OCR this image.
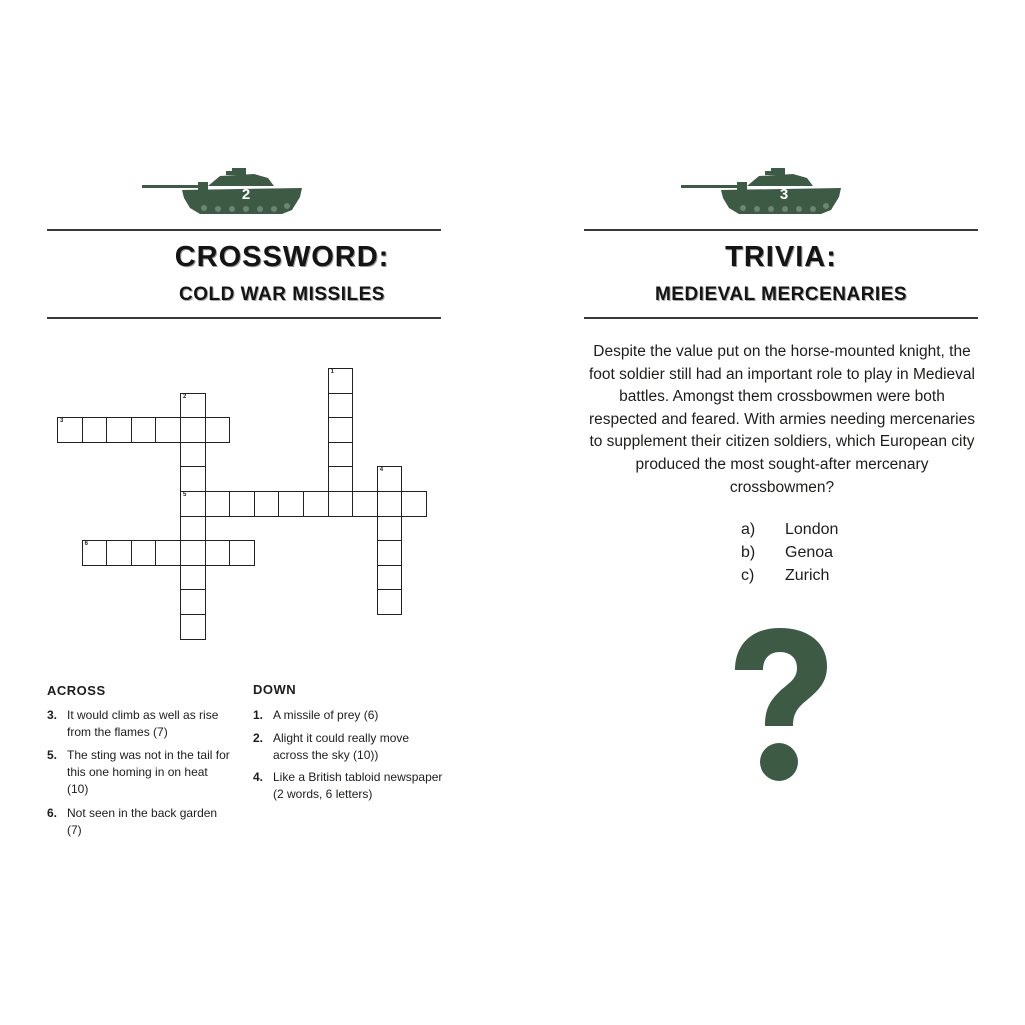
2
CROSSWORD:
COLD WAR MISSILES
1
2
5
3
4
6
ACROSS	DOWN
3. It would climb as well as rise from the flames (7)
5. The sting was not in the tail for this one homing in on heat (10)
6. Not seen in the back garden (7)
1. A missile of prey (6)
2. Alight it could really move across the sky (10))
4. Like a British tabloid newspaper (2 words, 6 letters)
3
TRIVIA:
MEDIEVAL MERCENARIES
Despite the value put on the horse-mounted knight, the foot soldier still had an important role to play in Medieval battles. Amongst them crossbowmen were both respected and feared. With armies needing mercenaries to supplement their citizen soldiers, which European city produced the most sought-after mercenary crossbowmen?
a) London
b) Genoa
c) Zurich
